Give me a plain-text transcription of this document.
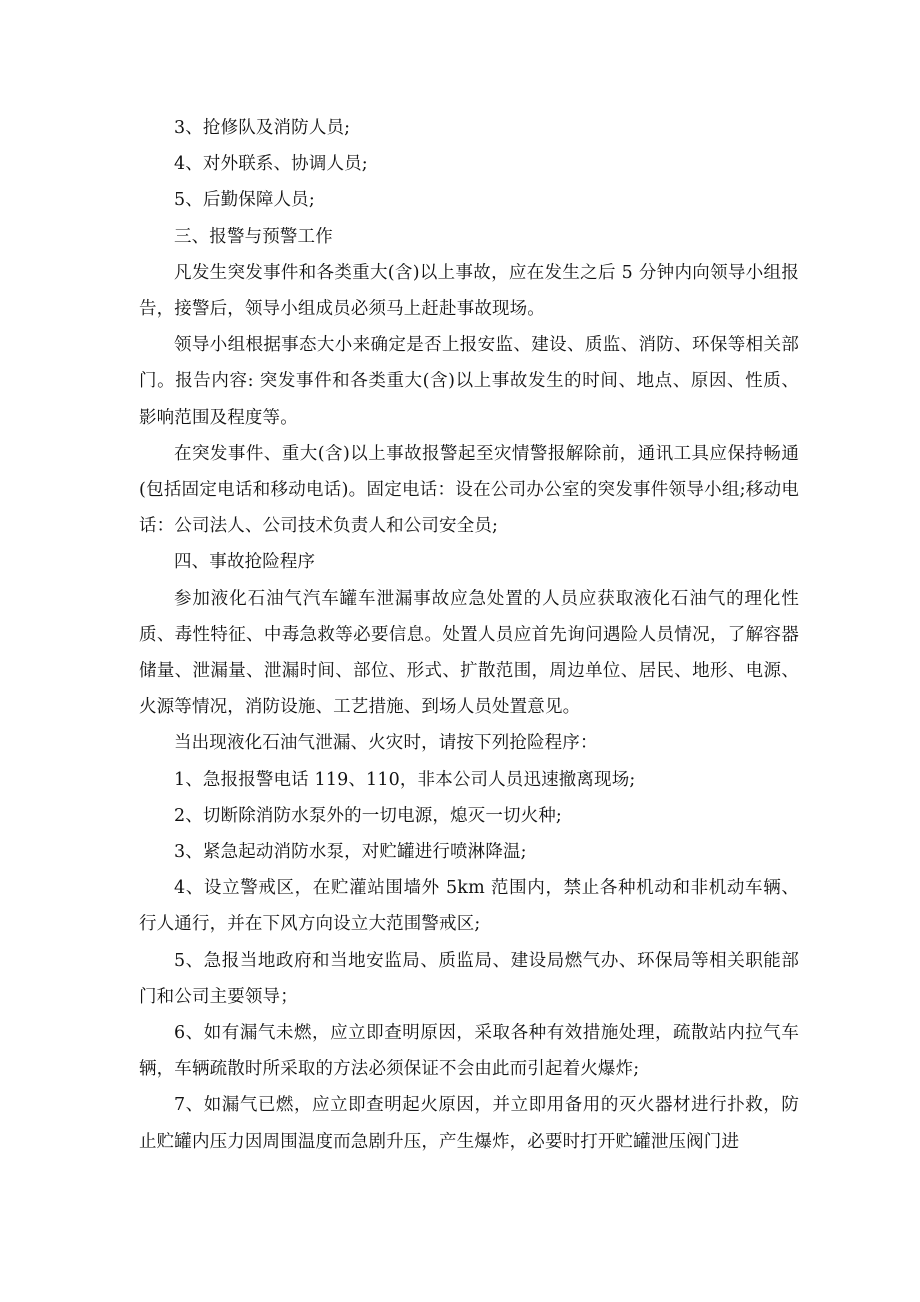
3、抢修队及消防人员;

4、对外联系、协调人员;

5、后勤保障人员;

三、报警与预警工作

凡发生突发事件和各类重大(含)以上事故，应在发生之后 5 分钟内向领导小组报告，接警后，领导小组成员必须马上赶赴事故现场。

领导小组根据事态大小来确定是否上报安监、建设、质监、消防、环保等相关部门。报告内容: 突发事件和各类重大(含)以上事故发生的时间、地点、原因、性质、影响范围及程度等。

在突发事件、重大(含)以上事故报警起至灾情警报解除前，通讯工具应保持畅通(包括固定电话和移动电话)。固定电话：设在公司办公室的突发事件领导小组;移动电话：公司法人、公司技术负责人和公司安全员;

四、事故抢险程序

参加液化石油气汽车罐车泄漏事故应急处置的人员应获取液化石油气的理化性质、毒性特征、中毒急救等必要信息。处置人员应首先询问遇险人员情况，了解容器储量、泄漏量、泄漏时间、部位、形式、扩散范围，周边单位、居民、地形、电源、火源等情况，消防设施、工艺措施、到场人员处置意见。

当出现液化石油气泄漏、火灾时，请按下列抢险程序：

1、急报报警电话 119、110，非本公司人员迅速撤离现场;

2、切断除消防水泵外的一切电源，熄灭一切火种;

3、紧急起动消防水泵，对贮罐进行喷淋降温;

4、设立警戒区，在贮灌站围墙外 5km 范围内，禁止各种机动和非机动车辆、行人通行，并在下风方向设立大范围警戒区;

5、急报当地政府和当地安监局、质监局、建设局燃气办、环保局等相关职能部门和公司主要领导；

6、如有漏气未燃，应立即查明原因，采取各种有效措施处理，疏散站内拉气车辆，车辆疏散时所采取的方法必须保证不会由此而引起着火爆炸;

7、如漏气已燃，应立即查明起火原因，并立即用备用的灭火器材进行扑救，防止贮罐内压力因周围温度而急剧升压，产生爆炸，必要时打开贮罐泄压阀门进
